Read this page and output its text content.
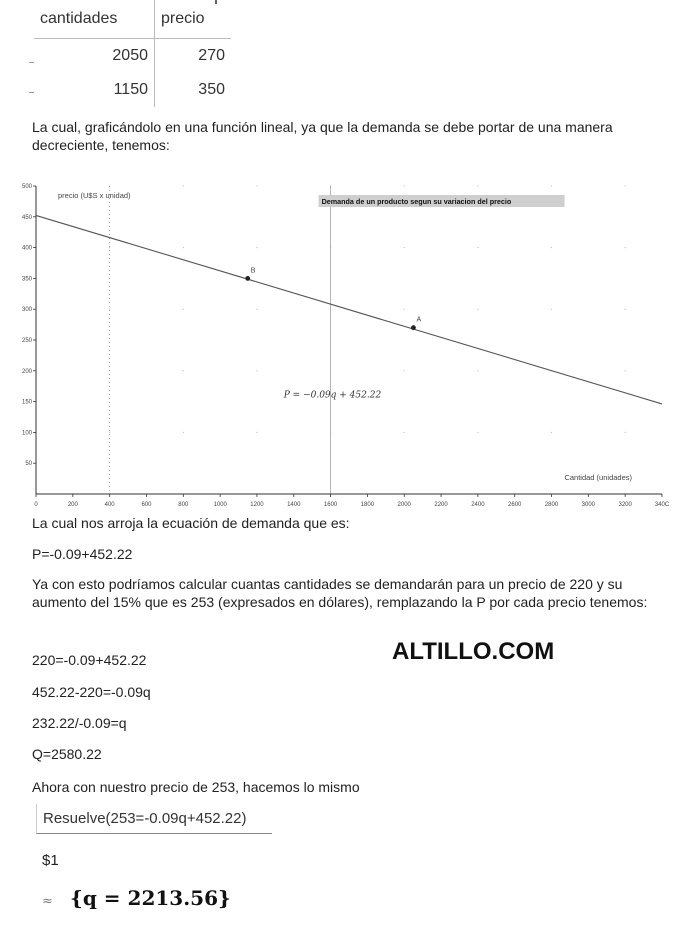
cantidades	precio
2050	270
1150	350

La cual, graficándolo en una función lineal, ya que la demanda se debe portar de una manera decreciente, tenemos:

0	200	400	600	800	1000	1200	1400	1600	1800	2000	2200	2400	2600	2800	3000	3200	340C
50
100
150
200
250
300
350
400
450
500
B
A
precio (U$S x unidad)
Cantidad (unidades)
Demanda de un producto segun su variacion del precio
P = −0.09q + 452.22

La cual nos arroja la ecuación de demanda que es:

P=-0.09+452.22

Ya con esto podríamos calcular cuantas cantidades se demandarán para un precio de 220 y su aumento del 15% que es 253 (expresados en dólares), remplazando la P por cada precio tenemos:

220=-0.09+452.22

452.22-220=-0.09q

232.22/-0.09=q

Q=2580.22

ALTILLO.COM

Ahora con nuestro precio de 253, hacemos lo mismo

Resuelve(253=-0.09q+452.22)
$1
≈ {q = 2213.56}
